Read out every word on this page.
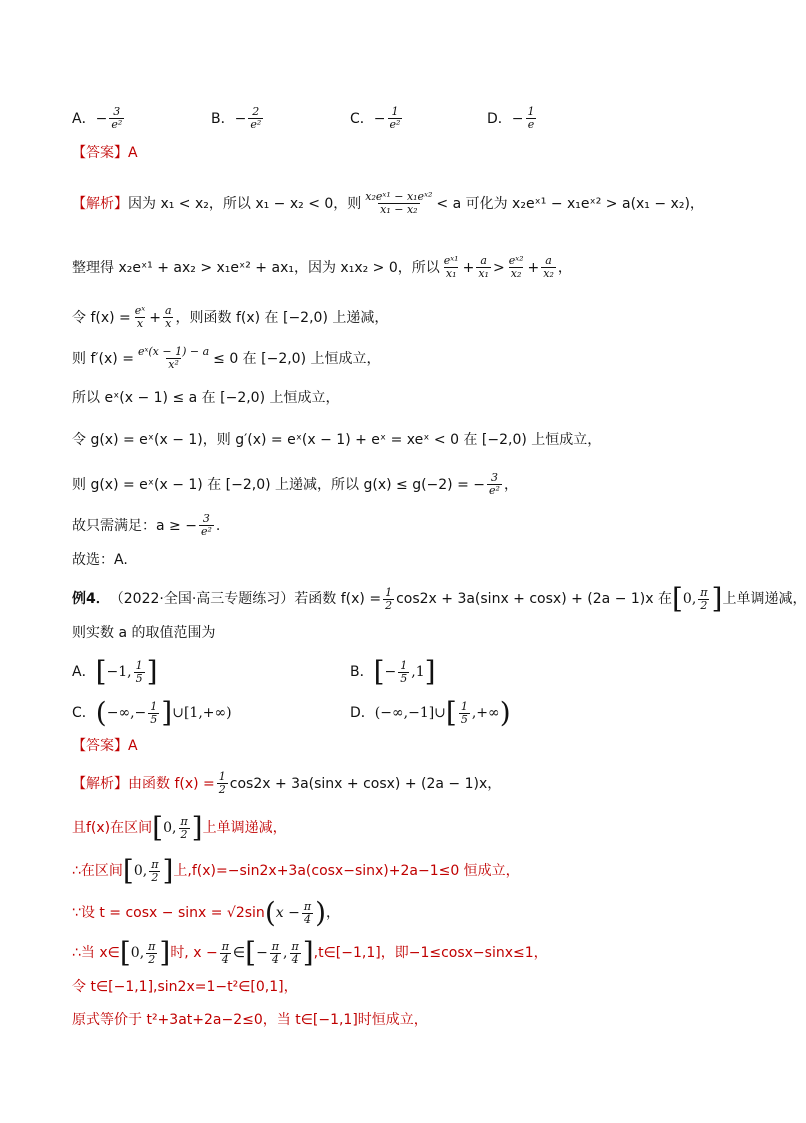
A． − $\frac{3}{\text{e²}}$	B． − $\frac{2}{\text{e²}}$	C． − $\frac{1}{\text{e²}}$	D． − $\frac{1}{e}$
【答案】 A
【解析】 因为 x₁ < x₂，所以 x₁ − x₂ < 0，则 $\frac{\text{x₂eˣ¹ − x₁eˣ²}}{\text{x₁ − x₂}} < a$ 可化为 x₂eˣ¹ − x₁eˣ² > a(x₁ − x₂)，
整理得 x₂eˣ¹ + ax₂ > x₁eˣ² + ax₁，因为 x₁x₂ > 0，所以 $\frac{\text{eˣ¹}}{\text{x₁}} + \frac{a}{\text{x₁}} > \frac{\text{eˣ²}}{\text{x₂}} + \frac{a}{\text{x₂}}$ ，
令 $f(x) = \frac{\text{eˣ}}{x} + \frac{a}{x}$ ，则函数 f(x) 在 [−2,0) 上递减，
则 $f'(x) = \frac{\text{eˣ(x − 1) − a}}{\text{x²}} \le 0$ 在 [−2,0) 上恒成立，
所以 eˣ(x − 1) ≤ a 在 [−2,0) 上恒成立，
令 g(x) = eˣ(x − 1)，则 g′(x) = eˣ(x − 1) + eˣ = xeˣ < 0 在 [−2,0) 上恒成立，
则 g(x) = eˣ(x − 1) 在 [−2,0) 上递减，所以 g(x) ≤ g(−2) = − $\frac{3}{\text{e²}}$ ，
故只需满足：a ≥ − $\frac{3}{\text{e²}}$ .
故选：A.
例4． （2022·全国·高三专题练习）若函数 $f(x) = \frac{1}{2} \cos 2x + 3a(\sin x + \cos x) + (2a - 1)x$ 在 [ 0, $\frac{\pi}{2}$ ] 上单调递减，
则实数 a 的取值范围为
A． [ −1, $\frac{1}{5}$ ]	B． [ − $\frac{1}{5} ,1$ ]
C． ( −∞,− $\frac{1}{5}$ ] ∪[1,+∞)	D． (−∞,−1]∪ [ $\frac{1}{5}$ ,+∞ )
【答案】 A
【解析】 由函数 $f(x) = \frac{1}{2} \cos 2x + 3a(\sin x + \cos x) + (2a - 1)x$，
且f(x)在区间 [ 0, $\frac{\pi}{2}$ ] 上单调递减，
∴在区间 [ 0, $\frac{\pi}{2}$ ] 上,f(x)=−sin2x+3a(cosx−sinx)+2a−1≤0 恒成立，
∵设 t = cosx − sinx = √2sin ( $x - \frac{\pi}{4}$ ) ，
∴当 x∈ [ 0, $\frac{\pi}{2}$ ] 时, $x - \frac{\pi}{4}$ ∈ [ − $\frac{\pi}{4}$ , $\frac{\pi}{4}$ ] ,t∈[−1,1]，即−1≤cosx−sinx≤1，
令 t∈[−1,1],sin2x=1−t²∈[0,1]，
原式等价于 t²+3at+2a−2≤0，当 t∈[−1,1]时恒成立，
